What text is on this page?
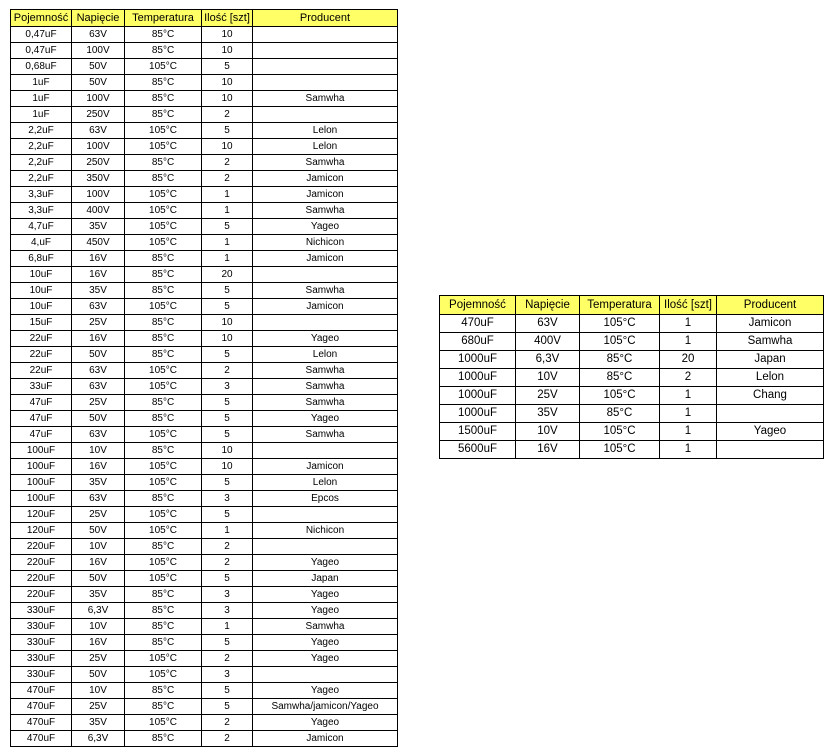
Pojemność	Napięcie	Temperatura	Ilość [szt]	Producent
0,47uF	63V	85°C	10	
0,47uF	100V	85°C	10	
0,68uF	50V	105°C	5	
1uF	50V	85°C	10	
1uF	100V	85°C	10	Samwha
1uF	250V	85°C	2	
2,2uF	63V	105°C	5	Lelon
2,2uF	100V	105°C	10	Lelon
2,2uF	250V	85°C	2	Samwha
2,2uF	350V	85°C	2	Jamicon
3,3uF	100V	105°C	1	Jamicon
3,3uF	400V	105°C	1	Samwha
4,7uF	35V	105°C	5	Yageo
4,uF	450V	105°C	1	Nichicon
6,8uF	16V	85°C	1	Jamicon
10uF	16V	85°C	20	
10uF	35V	85°C	5	Samwha
10uF	63V	105°C	5	Jamicon
15uF	25V	85°C	10	
22uF	16V	85°C	10	Yageo
22uF	50V	85°C	5	Lelon
22uF	63V	105°C	2	Samwha
33uF	63V	105°C	3	Samwha
47uF	25V	85°C	5	Samwha
47uF	50V	85°C	5	Yageo
47uF	63V	105°C	5	Samwha
100uF	10V	85°C	10	
100uF	16V	105°C	10	Jamicon
100uF	35V	105°C	5	Lelon
100uF	63V	85°C	3	Epcos
120uF	25V	105°C	5	
120uF	50V	105°C	1	Nichicon
220uF	10V	85°C	2	
220uF	16V	105°C	2	Yageo
220uF	50V	105°C	5	Japan
220uF	35V	85°C	3	Yageo
330uF	6,3V	85°C	3	Yageo
330uF	10V	85°C	1	Samwha
330uF	16V	85°C	5	Yageo
330uF	25V	105°C	2	Yageo
330uF	50V	105°C	3	
470uF	10V	85°C	5	Yageo
470uF	25V	85°C	5	Samwha/jamicon/Yageo
470uF	35V	105°C	2	Yageo
470uF	6,3V	85°C	2	Jamicon
Pojemność	Napięcie	Temperatura	Ilość [szt]	Producent
470uF	63V	105°C	1	Jamicon
680uF	400V	105°C	1	Samwha
1000uF	6,3V	85°C	20	Japan
1000uF	10V	85°C	2	Lelon
1000uF	25V	105°C	1	Chang
1000uF	35V	85°C	1	
1500uF	10V	105°C	1	Yageo
5600uF	16V	105°C	1	
